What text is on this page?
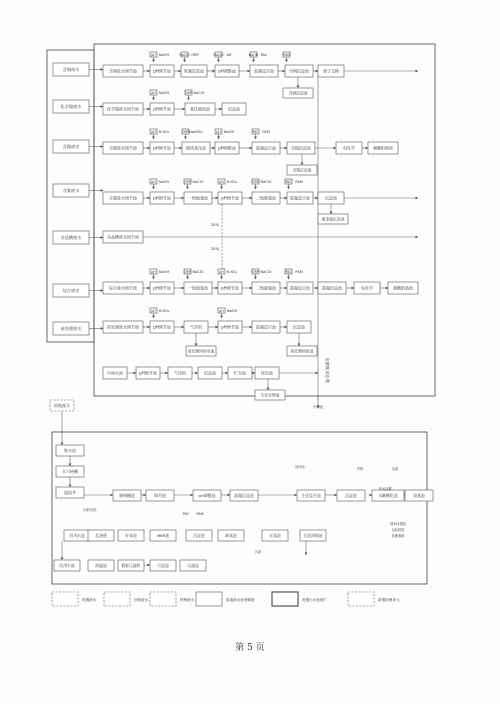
含铜废水
化学镍废水
含镍废水
含氰废水
杂品槽废水
综合废水
前处理废水
含铜废水调节池	pH调节池	絮凝沉淀池	pH调整池	混凝反应池	含铜沉淀池	离子交换
pH NaOH	NaClO ORP	NaClO pH	NaOH PAC	PAM
含铜沉淀池
化学镍废水调节池	pH调节池	氧化破络池	沉淀池
pH NaOH	ORP NaClO
含镍废水调节池	pH调节池	破络氧化池	pH调整池	混凝反应池	含镍沉淀池	电化学	强酸阳离池
pH H₂SO₄	ORP NaHSO₃	pH NaOH	PAC PAM
含镍沉淀池
含氰废水调节池	pH调节池	一级破氰池	pH调节池	二级破氰池	混凝反应池	沉淀池
pH NaOH	ORP NaClO	pH H₂SO₄	ORP NaClO	PAC PAM
重金属沉淀池
杂品槽废水调节池
20%
20%
综合废水调节池	pH调节池	一级破氰池	pH调节池	二级破氰池	混凝反应池	混凝沉淀池	电化学	强酸阳离池
pH NaOH	ORP NaClO	pH H₂SO₄	ORP NaClO	PAC PAM
前处理废水调节池	pH调节池	气浮机	pH调节池	混凝反应池	沉淀池
pH H₂SO₄	pH NaOH
前处理回用水池	前处理回用池
中间水池	pH调节池	气浮机	沉淀池	贮存池	终沉池
生化处理池
电镀废水处理
原地废水
集水池
水力格栅
溢流井
细格栅池	调节池	pH调整池	混凝沉淀池	生化反应池	沉淀池	水解酸化池	臭氧池
回用水池	反渗透	好氧池	MBR池	沉淀池	缺氧池	厌氧池	污泥浓缩池
回用水池	纳滤池	板框压滤机	污泥池	压滤池
回收冲洗
PAC PAM
污泥
外运处置
回用水
中间池
压滤
外排
纳米或超滤
达标排放
处理系统
电镀废水	回收废水	特殊废水	原地废水处理系统	电镀污水处理厂	新增处理单元
第 5 页
